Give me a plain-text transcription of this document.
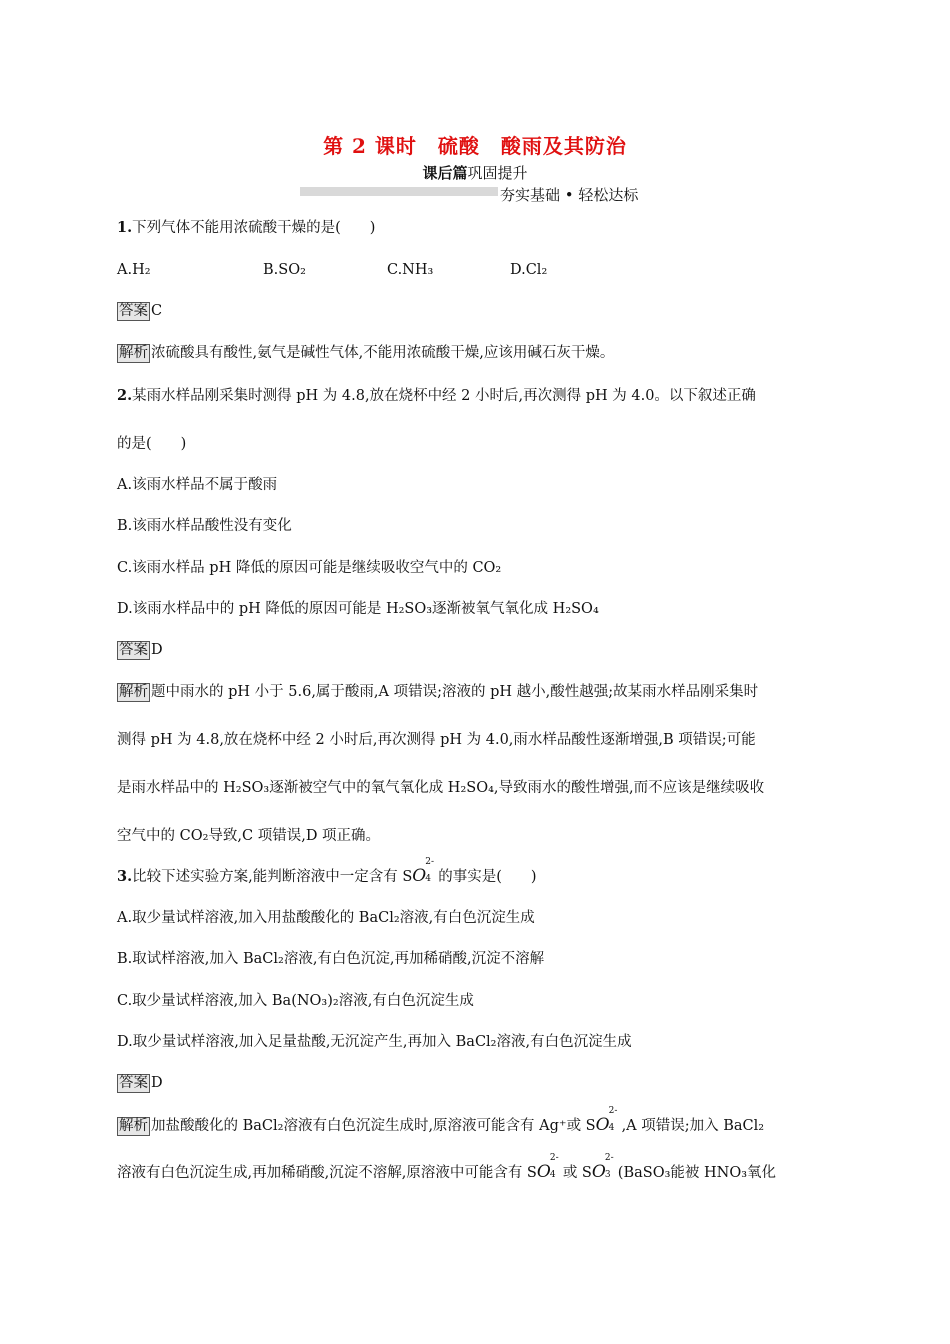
第 2 课时　硫酸　酸雨及其防治
课后篇巩固提升
夯实基础 • 轻松达标
1.下列气体不能用浓硫酸干燥的是(　　)
A.H₂	B.SO₂	C.NH₃	D.Cl₂
答案 C
解析 浓硫酸具有酸性,氨气是碱性气体,不能用浓硫酸干燥,应该用碱石灰干燥。
2.某雨水样品刚采集时测得 pH 为 4.8,放在烧杯中经 2 小时后,再次测得 pH 为 4.0。以下叙述正确
的是(　　)
A.该雨水样品不属于酸雨
B.该雨水样品酸性没有变化
C.该雨水样品 pH 降低的原因可能是继续吸收空气中的 CO₂
D.该雨水样品中的 pH 降低的原因可能是 H₂SO₃逐渐被氧气氧化成 H₂SO₄
答案 D
解析 题中雨水的 pH 小于 5.6,属于酸雨,A 项错误;溶液的 pH 越小,酸性越强;故某雨水样品刚采集时
测得 pH 为 4.8,放在烧杯中经 2 小时后,再次测得 pH 为 4.0,雨水样品酸性逐渐增强,B 项错误;可能
是雨水样品中的 H₂SO₃逐渐被空气中的氧气氧化成 H₂SO₄,导致雨水的酸性增强,而不应该是继续吸收
空气中的 CO₂导致,C 项错误,D 项正确。
3.比较下述实验方案,能判断溶液中一定含有 SO
2-
4 的事实是(　　)
A.取少量试样溶液,加入用盐酸酸化的 BaCl₂溶液,有白色沉淀生成
B.取试样溶液,加入 BaCl₂溶液,有白色沉淀,再加稀硝酸,沉淀不溶解
C.取少量试样溶液,加入 Ba(NO₃)₂溶液,有白色沉淀生成
D.取少量试样溶液,加入足量盐酸,无沉淀产生,再加入 BaCl₂溶液,有白色沉淀生成
答案 D
解析 加盐酸酸化的 BaCl₂溶液有白色沉淀生成时,原溶液可能含有 Ag⁺或 SO
2-
4 ,A 项错误;加入 BaCl₂
溶液有白色沉淀生成,再加稀硝酸,沉淀不溶解,原溶液中可能含有 SO
2-
4 或 SO
2-
3 (BaSO₃能被 HNO₃氧化
